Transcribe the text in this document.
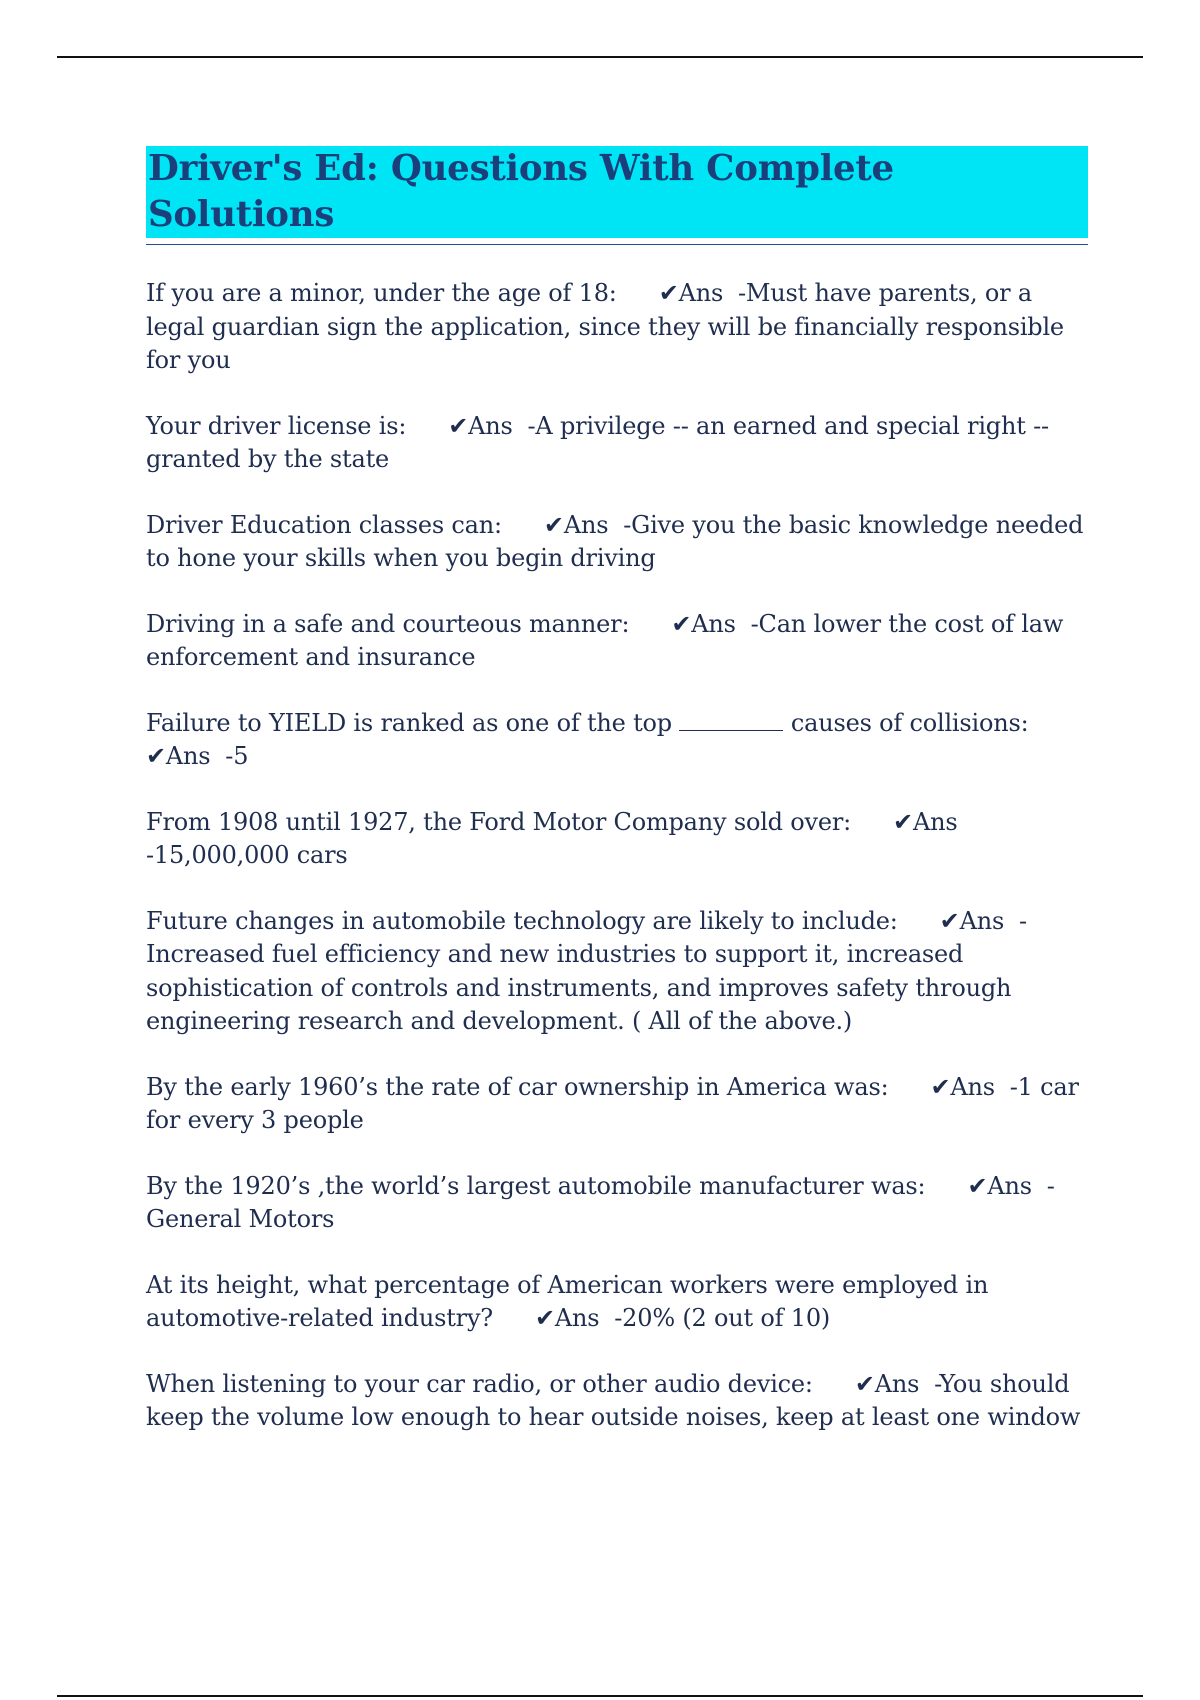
Driver's Ed: Questions With Complete Solutions

If you are a minor, under the age of 18: ✔Ans -Must have parents, or a legal guardian sign the application, since they will be financially responsible for you

Your driver license is: ✔Ans -A privilege -- an earned and special right -- granted by the state

Driver Education classes can: ✔Ans -Give you the basic knowledge needed to hone your skills when you begin driving

Driving in a safe and courteous manner: ✔Ans -Can lower the cost of law enforcement and insurance

Failure to YIELD is ranked as one of the top	causes of collisions:
✔Ans -5

From 1908 until 1927, the Ford Motor Company sold over: ✔Ans  -15,000,000 cars

Future changes in automobile technology are likely to include: ✔Ans -Increased fuel efficiency and new industries to support it, increased sophistication of controls and instruments, and improves safety through engineering research and development. ( All of the above.)

By the early 1960’s the rate of car ownership in America was: ✔Ans -1 car for every 3 people

By the 1920’s ,the world’s largest automobile manufacturer was: ✔Ans -General Motors

At its height, what percentage of American workers were employed in automotive-related industry? ✔Ans -20% (2 out of 10)

When listening to your car radio, or other audio device: ✔Ans -You should keep the volume low enough to hear outside noises, keep at least one window
